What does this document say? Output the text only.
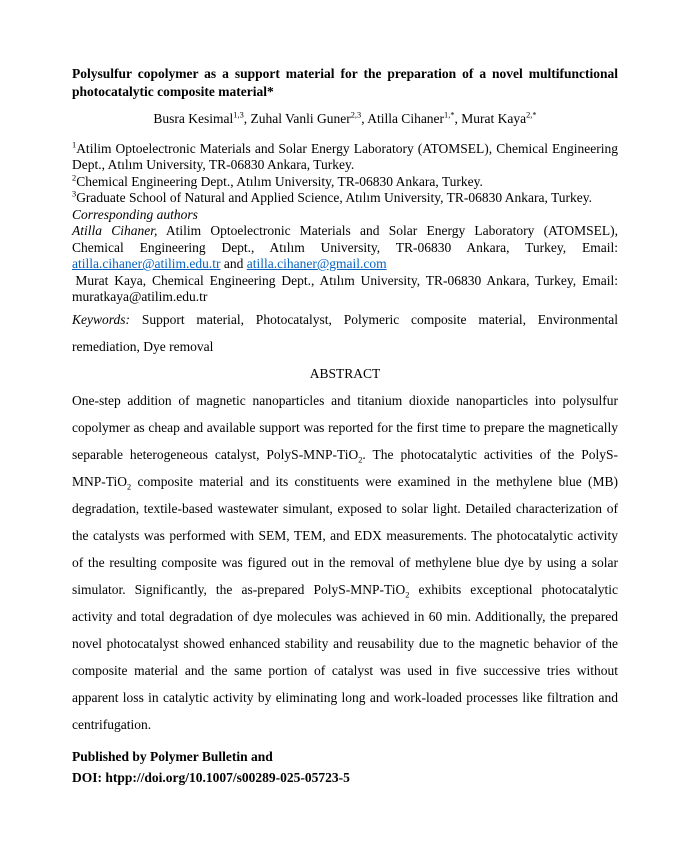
Polysulfur copolymer as a support material for the preparation of a novel multifunctional photocatalytic composite material*

Busra Kesimal$^{1,3}$, Zuhal Vanli Guner$^{2,3}$, Atilla Cihaner$^{1,*}$, Murat Kaya$^{2,*}$

$^1$Atilim Optoelectronic Materials and Solar Energy Laboratory (ATOMSEL), Chemical Engineering Dept., Atılım University, TR-06830 Ankara, Turkey.

$^2$Chemical Engineering Dept., Atılım University, TR-06830 Ankara, Turkey.

$^3$Graduate School of Natural and Applied Science, Atılım University, TR-06830 Ankara, Turkey.

Corresponding authors

Atilla Cihaner, Atilim Optoelectronic Materials and Solar Energy Laboratory (ATOMSEL), Chemical Engineering Dept., Atılım University, TR-06830 Ankara, Turkey, Email: atilla.cihaner@atilim.edu.tr and atilla.cihaner@gmail.com

Murat Kaya, Chemical Engineering Dept., Atılım University, TR-06830 Ankara, Turkey, Email: muratkaya@atilim.edu.tr

Keywords: Support material, Photocatalyst, Polymeric composite material, Environmental remediation, Dye removal

ABSTRACT

One-step addition of magnetic nanoparticles and titanium dioxide nanoparticles into polysulfur copolymer as cheap and available support was reported for the first time to prepare the magnetically separable heterogeneous catalyst, PolyS-MNP-TiO$_2$. The photocatalytic activities of the PolyS-MNP-TiO$_2$ composite material and its constituents were examined in the methylene blue (MB) degradation, textile-based wastewater simulant, exposed to solar light. Detailed characterization of the catalysts was performed with SEM, TEM, and EDX measurements. The photocatalytic activity of the resulting composite was figured out in the removal of methylene blue dye by using a solar simulator. Significantly, the as-prepared PolyS-MNP-TiO$_2$ exhibits exceptional photocatalytic activity and total degradation of dye molecules was achieved in 60 min. Additionally, the prepared novel photocatalyst showed enhanced stability and reusability due to the magnetic behavior of the composite material and the same portion of catalyst was used in five successive tries without apparent loss in catalytic activity by eliminating long and work-loaded processes like filtration and centrifugation.

Published by Polymer Bulletin and

DOI: htpp://doi.org/10.1007/s00289-025-05723-5
